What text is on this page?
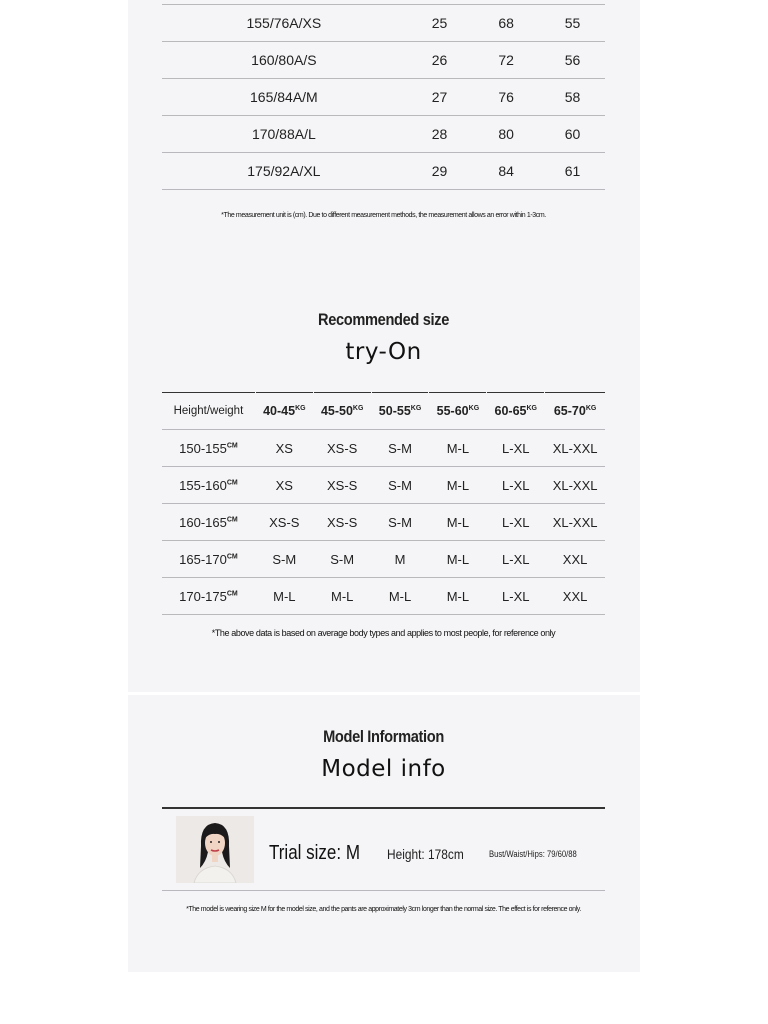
155/76A/XS	25	68	55
160/80A/S	26	72	56
165/84A/M	27	76	58
170/88A/L	28	80	60
175/92A/XL	29	84	61
*The measurement unit is (cm). Due to different measurement methods, the measurement allows an error within 1-3cm.
Recommended size
try-On
Height/weight	$40-45^{KG}$	$45-50^{KG}$	$50-55^{KG}$	$55-60^{KG}$	$60-65^{KG}$	$65-70^{KG}$
$150-155^{CM}$	XS	XS-S	S-M	M-L	L-XL	XL-XXL
$155-160^{CM}$	XS	XS-S	S-M	M-L	L-XL	XL-XXL
$160-165^{CM}$	XS-S	XS-S	S-M	M-L	L-XL	XL-XXL
$165-170^{CM}$	S-M	S-M	M	M-L	L-XL	XXL
$170-175^{CM}$	M-L	M-L	M-L	M-L	L-XL	XXL
*The above data is based on average body types and applies to most people, for reference only
Model Information
Model info
Trial size: M Height: 178cm	Bust/Waist/Hips: 79/60/88
*The model is wearing size M for the model size, and the pants are approximately 3cm longer than the normal size. The effect is for reference only.
